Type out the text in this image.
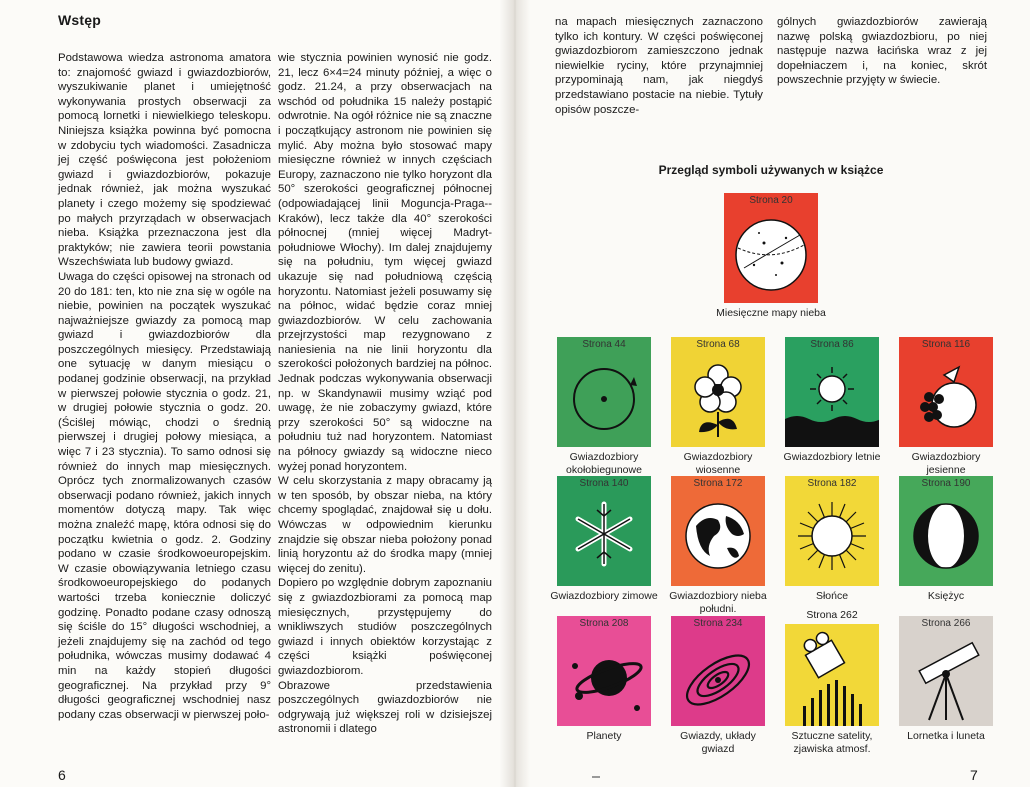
Wstęp

Podstawowa wiedza astronoma amatora to: znajomość gwiazd i gwiazdozbiorów, wyszukiwanie planet i umiejętność wykonywania prostych obserwacji za pomocą lornetki i niewielkiego teleskopu. Niniejsza książka powinna być pomocna w zdobyciu tych wiadomości. Zasadnicza jej część poświęcona jest położeniom gwiazd i gwiazdozbiorów, pokazuje jednak również, jak można wyszukać planety i czego możemy się spodziewać po małych przyrządach w obserwacjach nieba. Książka przeznaczona jest dla praktyków; nie zawiera teorii powstania Wszechświata lub budowy gwiazd.

Uwaga do części opisowej na stronach od 20 do 181: ten, kto nie zna się w ogóle na niebie, powinien na początek wyszukać najważniejsze gwiazdy za pomocą map gwiazd i gwiazdozbiorów dla poszczególnych miesięcy. Przedstawiają one sytuację w danym miesiącu o podanej godzinie obserwacji, na przykład w pierwszej połowie stycznia o godz. 21, w drugiej połowie stycznia o godz. 20. (Ściślej mówiąc, chodzi o średnią pierwszej i drugiej połowy miesiąca, a więc 7 i 23 stycznia). To samo odnosi się również do innych map miesięcznych. Oprócz tych znormalizowanych czasów obserwacji podano również, jakich innych momentów dotyczą mapy. Tak więc można znaleźć mapę, która odnosi się do początku kwietnia o godz. 2. Godziny podano w czasie środkowoeuropejskim. W czasie obowiązywania letniego czasu środkowoeuropejskiego do podanych wartości trzeba koniecznie doliczyć godzinę. Ponadto podane czasy odnoszą się ściśle do 15° długości wschodniej, a jeżeli znajdujemy się na zachód od tego południka, wówczas musimy dodawać 4 min na każdy stopień długości geograficznej. Na przykład przy 9° długości geograficznej wschodniej nasz podany czas obserwacji w pierwszej poło-

wie stycznia powinien wynosić nie godz. 21, lecz 6×4=24 minuty później, a więc o godz. 21.24, a przy obserwacjach na wschód od południka 15 należy postąpić odwrotnie. Na ogół różnice nie są znaczne i początkujący astronom nie powinien się mylić. Aby można było stosować mapy miesięczne również w innych częściach Europy, zaznaczono nie tylko horyzont dla 50° szerokości geograficznej północnej (odpowiadającej linii Moguncja-Praga--Kraków), lecz także dla 40° szerokości północnej (mniej więcej Madryt-południowe Włochy). Im dalej znajdujemy się na południu, tym więcej gwiazd ukazuje się nad południową częścią horyzontu. Natomiast jeżeli posuwamy się na północ, widać będzie coraz mniej gwiazdozbiorów. W celu zachowania przejrzystości map rezygnowano z naniesienia na nie linii horyzontu dla szerokości położonych bardziej na północ. Jednak podczas wykonywania obserwacji np. w Skandynawii musimy wziąć pod uwagę, że nie zobaczymy gwiazd, które przy szerokości 50° są widoczne na południu tuż nad horyzontem. Natomiast na północy gwiazdy są widoczne nieco wyżej ponad horyzontem.

W celu skorzystania z mapy obracamy ją w ten sposób, by obszar nieba, na który chcemy spoglądać, znajdował się u dołu. Wówczas w odpowiednim kierunku znajdzie się obszar nieba położony ponad linią horyzontu aż do środka mapy (mniej więcej do zenitu).

Dopiero po względnie dobrym zapoznaniu się z gwiazdozbiorami za pomocą map miesięcznych, przystępujemy do wnikliwszych studiów poszczególnych gwiazd i innych obiektów korzystając z części książki poświęconej gwiazdozbiorom.

Obrazowe przedstawienia poszczególnych gwiazdozbiorów nie odgrywają już większej roli w dzisiejszej astronomii i dlatego

6

na mapach miesięcznych zaznaczono tylko ich kontury. W części poświęconej gwiazdozbiorom zamieszczono jednak niewielkie ryciny, które przynajmniej przypominają nam, jak niegdyś przedstawiano postacie na niebie. Tytuły opisów poszcze-

gólnych gwiazdozbiorów zawierają nazwę polską gwiazdozbioru, po niej następuje nazwa łacińska wraz z jej dopełniaczem i, na koniec, skrót powszechnie przyjęty w świecie.

Przegląd symboli używanych w książce
Strona 20
Miesięczne mapy nieba
Strona 44
Gwiazdozbiory okołobiegunowe
Strona 68
Gwiazdozbiory wiosenne
Strona 86
Gwiazdozbiory letnie
Strona 116
Gwiazdozbiory jesienne
Strona 140
Gwiazdozbiory zimowe
Strona 172
Gwiazdozbiory nieba południ.
Strona 182
Słońce
Strona 190
Księżyc
Strona 208
Planety
Strona 234
Gwiazdy, układy gwiazd
Strona 262
Sztuczne satelity, zjawiska atmosf.
Strona 266
Lornetka i luneta
7
